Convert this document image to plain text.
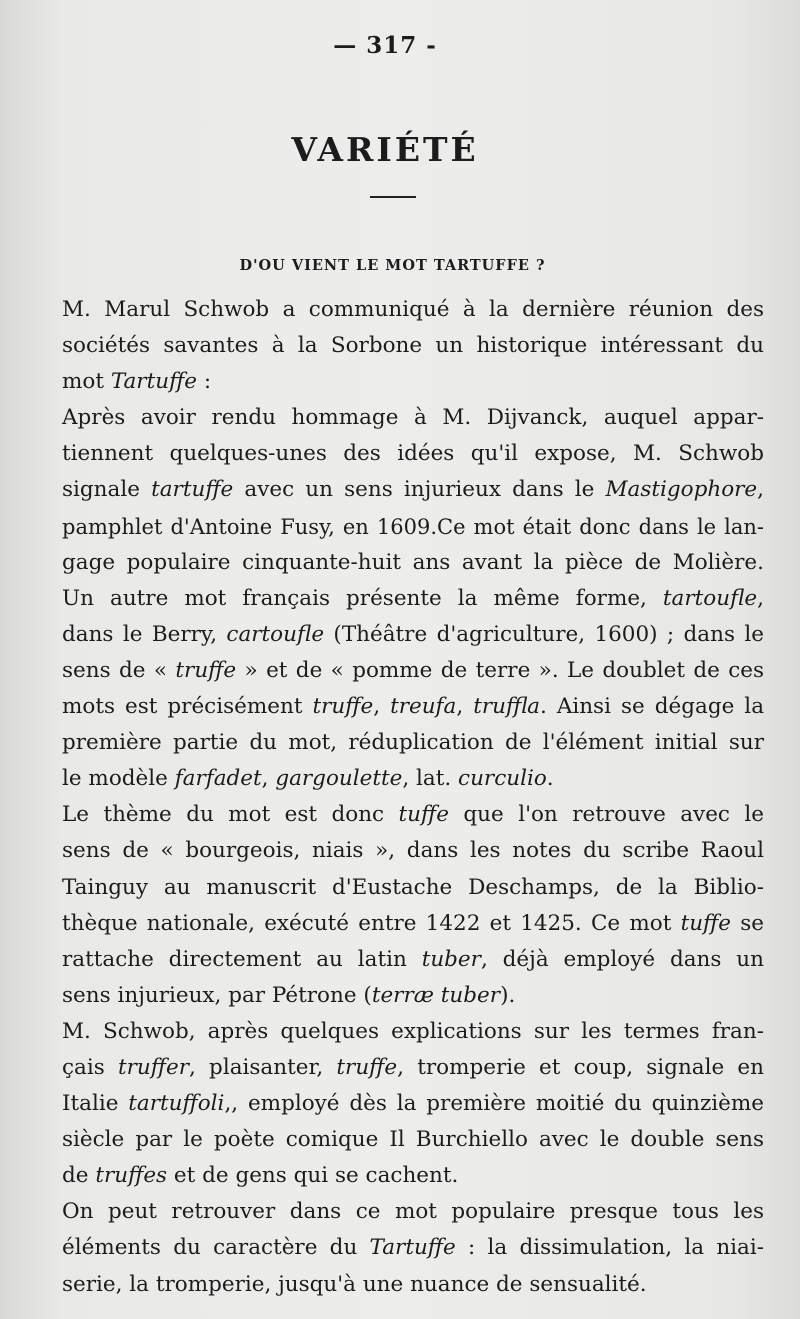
— 317 -
VARIÉTÉ
D'OU VIENT LE MOT TARTUFFE ?

M. Marul Schwob a communiqué à la dernière réunion des
sociétés savantes à la Sorbone un historique intéressant du
mot Tartuffe :

Après avoir rendu hommage à M. Dijvanck, auquel appar-
tiennent quelques-unes des idées qu'il expose, M. Schwob
signale tartuffe avec un sens injurieux dans le Mastigophore,
pamphlet d'Antoine Fusy, en 1609.Ce mot était donc dans le lan-
gage populaire cinquante-huit ans avant la pièce de Molière.

Un autre mot français présente la même forme, tartoufle,
dans le Berry, cartoufle (Théâtre d'agriculture, 1600) ; dans le
sens de « truffe » et de « pomme de terre ». Le doublet de ces
mots est précisément truffe, treufa, truffla. Ainsi se dégage la
première partie du mot, réduplication de l'élément initial sur
le modèle farfadet, gargoulette, lat. curculio.

Le thème du mot est donc tuffe que l'on retrouve avec le
sens de « bourgeois, niais », dans les notes du scribe Raoul
Tainguy au manuscrit d'Eustache Deschamps, de la Biblio-
thèque nationale, exécuté entre 1422 et 1425. Ce mot tuffe se
rattache directement au latin tuber, déjà employé dans un
sens injurieux, par Pétrone (terræ tuber).

M. Schwob, après quelques explications sur les termes fran-
çais truffer, plaisanter, truffe, tromperie et coup, signale en
Italie tartuffoli,, employé dès la première moitié du quinzième
siècle par le poète comique Il Burchiello avec le double sens
de truffes et de gens qui se cachent.

On peut retrouver dans ce mot populaire presque tous les
éléments du caractère du Tartuffe : la dissimulation, la niai-
serie, la tromperie, jusqu'à une nuance de sensualité.
